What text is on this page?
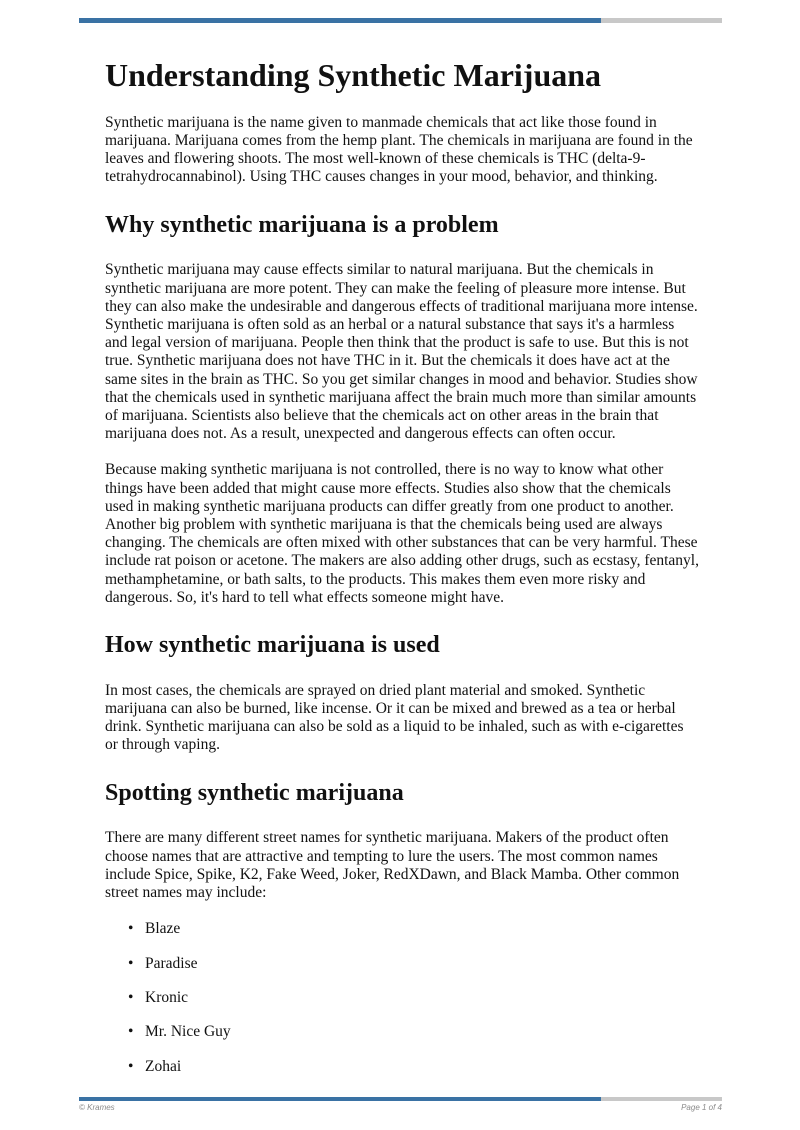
Understanding Synthetic Marijuana

Synthetic marijuana is the name given to manmade chemicals that act like those found in marijuana. Marijuana comes from the hemp plant. The chemicals in marijuana are found in the leaves and flowering shoots. The most well-known of these chemicals is THC (delta-9-tetrahydrocannabinol). Using THC causes changes in your mood, behavior, and thinking.

Why synthetic marijuana is a problem

Synthetic marijuana may cause effects similar to natural marijuana. But the chemicals in synthetic marijuana are more potent. They can make the feeling of pleasure more intense. But they can also make the undesirable and dangerous effects of traditional marijuana more intense. Synthetic marijuana is often sold as an herbal or a natural substance that says it's a harmless and legal version of marijuana. People then think that the product is safe to use. But this is not true. Synthetic marijuana does not have THC in it. But the chemicals it does have act at the same sites in the brain as THC. So you get similar changes in mood and behavior. Studies show that the chemicals used in synthetic marijuana affect the brain much more than similar amounts of marijuana. Scientists also believe that the chemicals act on other areas in the brain that marijuana does not. As a result, unexpected and dangerous effects can often occur.

Because making synthetic marijuana is not controlled, there is no way to know what other things have been added that might cause more effects. Studies also show that the chemicals used in making synthetic marijuana products can differ greatly from one product to another. Another big problem with synthetic marijuana is that the chemicals being used are always changing. The chemicals are often mixed with other substances that can be very harmful. These include rat poison or acetone. The makers are also adding other drugs, such as ecstasy, fentanyl, methamphetamine, or bath salts, to the products. This makes them even more risky and dangerous. So, it's hard to tell what effects someone might have.

How synthetic marijuana is used

In most cases, the chemicals are sprayed on dried plant material and smoked. Synthetic marijuana can also be burned, like incense. Or it can be mixed and brewed as a tea or herbal drink. Synthetic marijuana can also be sold as a liquid to be inhaled, such as with e-cigarettes or through vaping.

Spotting synthetic marijuana

There are many different street names for synthetic marijuana. Makers of the product often choose names that are attractive and tempting to lure the users. The most common names include Spice, Spike, K2, Fake Weed, Joker, RedXDawn, and Black Mamba. Other common street names may include:

• Blaze
• Paradise
• Kronic
• Mr. Nice Guy
• Zohai
© Krames	Page 1 of 4
